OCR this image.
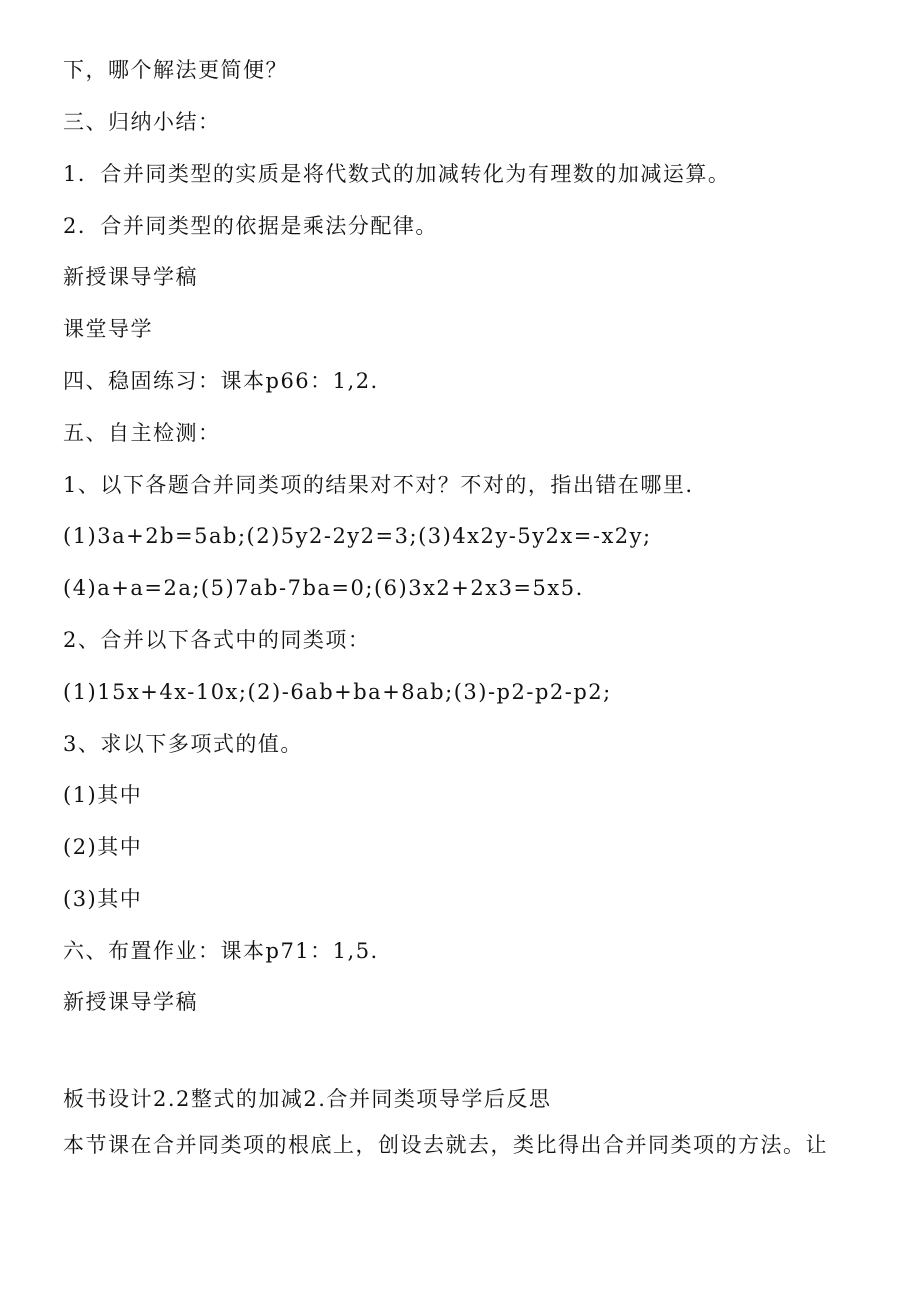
下，哪个解法更简便？
三、归纳小结：
1．合并同类型的实质是将代数式的加减转化为有理数的加减运算。
2．合并同类型的依据是乘法分配律。
新授课导学稿
课堂导学
四、稳固练习：课本p66：1,2.
五、自主检测：
1、以下各题合并同类项的结果对不对？不对的，指出错在哪里.
(1)3a+2b=5ab;(2)5y2-2y2=3;(3)4x2y-5y2x=-x2y;
(4)a+a=2a;(5)7ab-7ba=0;(6)3x2+2x3=5x5.
2、合并以下各式中的同类项：
(1)15x+4x-10x;(2)-6ab+ba+8ab;(3)-p2-p2-p2;
3、求以下多项式的值。
(1)其中
(2)其中
(3)其中
六、布置作业：课本p71：1,5.
新授课导学稿
板书设计2.2整式的加减2.合并同类项导学后反思
本节课在合并同类项的根底上，创设去就去，类比得出合并同类项的方法。让
